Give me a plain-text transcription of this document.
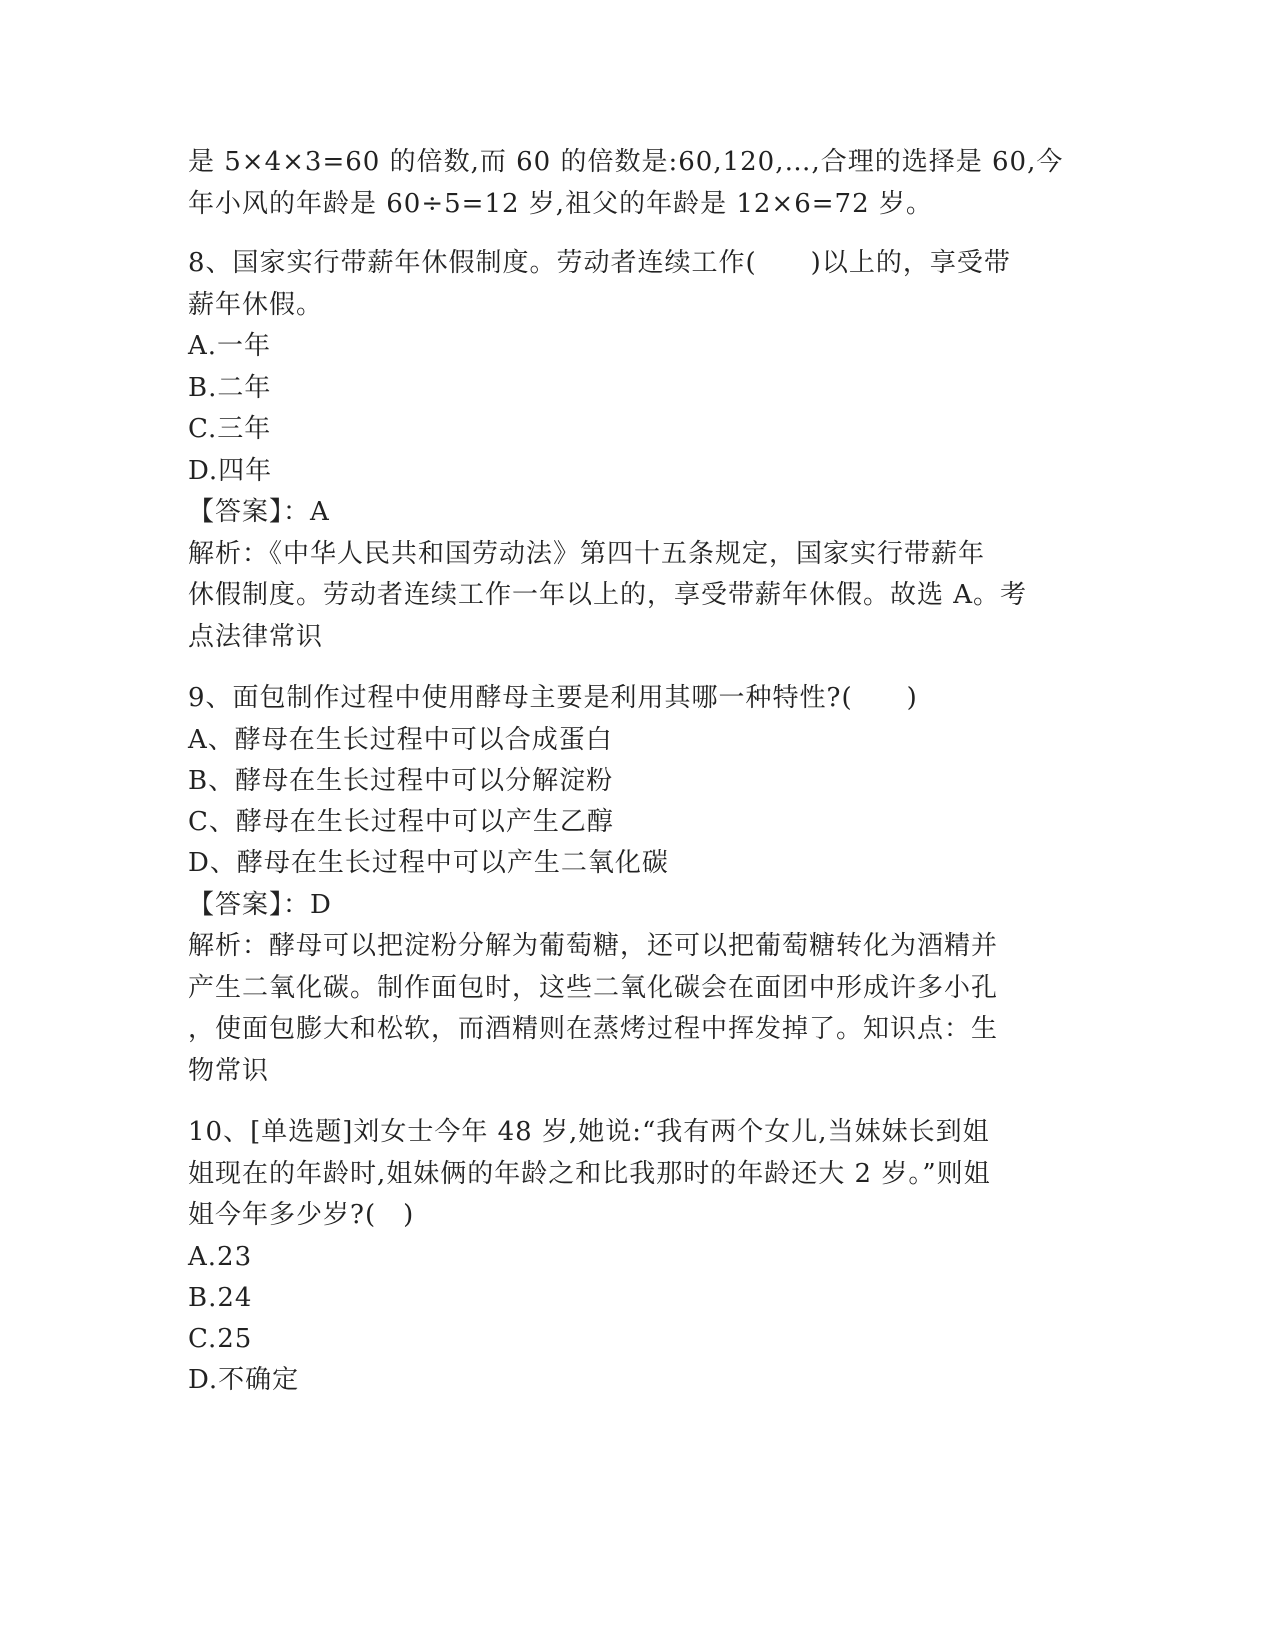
是 5×4×3=60 的倍数,而 60 的倍数是:60,120,…,合理的选择是 60,今
年小风的年龄是 60÷5=12 岁,祖父的年龄是 12×6=72 岁。
8、国家实行带薪年休假制度。劳动者连续工作(　　)以上的，享受带
薪年休假。
A.一年
B.二年
C.三年
D.四年
【答案】：A
解析：《中华人民共和国劳动法》第四十五条规定，国家实行带薪年
休假制度。劳动者连续工作一年以上的，享受带薪年休假。故选 A。考
点法律常识
9、面包制作过程中使用酵母主要是利用其哪一种特性?(　　)
A、酵母在生长过程中可以合成蛋白
B、酵母在生长过程中可以分解淀粉
C、酵母在生长过程中可以产生乙醇
D、酵母在生长过程中可以产生二氧化碳
【答案】：D
解析：酵母可以把淀粉分解为葡萄糖，还可以把葡萄糖转化为酒精并
产生二氧化碳。制作面包时，这些二氧化碳会在面团中形成许多小孔
，使面包膨大和松软，而酒精则在蒸烤过程中挥发掉了。知识点：生
物常识
10、[单选题]刘女士今年 48 岁,她说:“我有两个女儿,当妹妹长到姐
姐现在的年龄时,姐妹俩的年龄之和比我那时的年龄还大 2 岁。”则姐
姐今年多少岁?(　)
A.23
B.24
C.25
D.不确定
